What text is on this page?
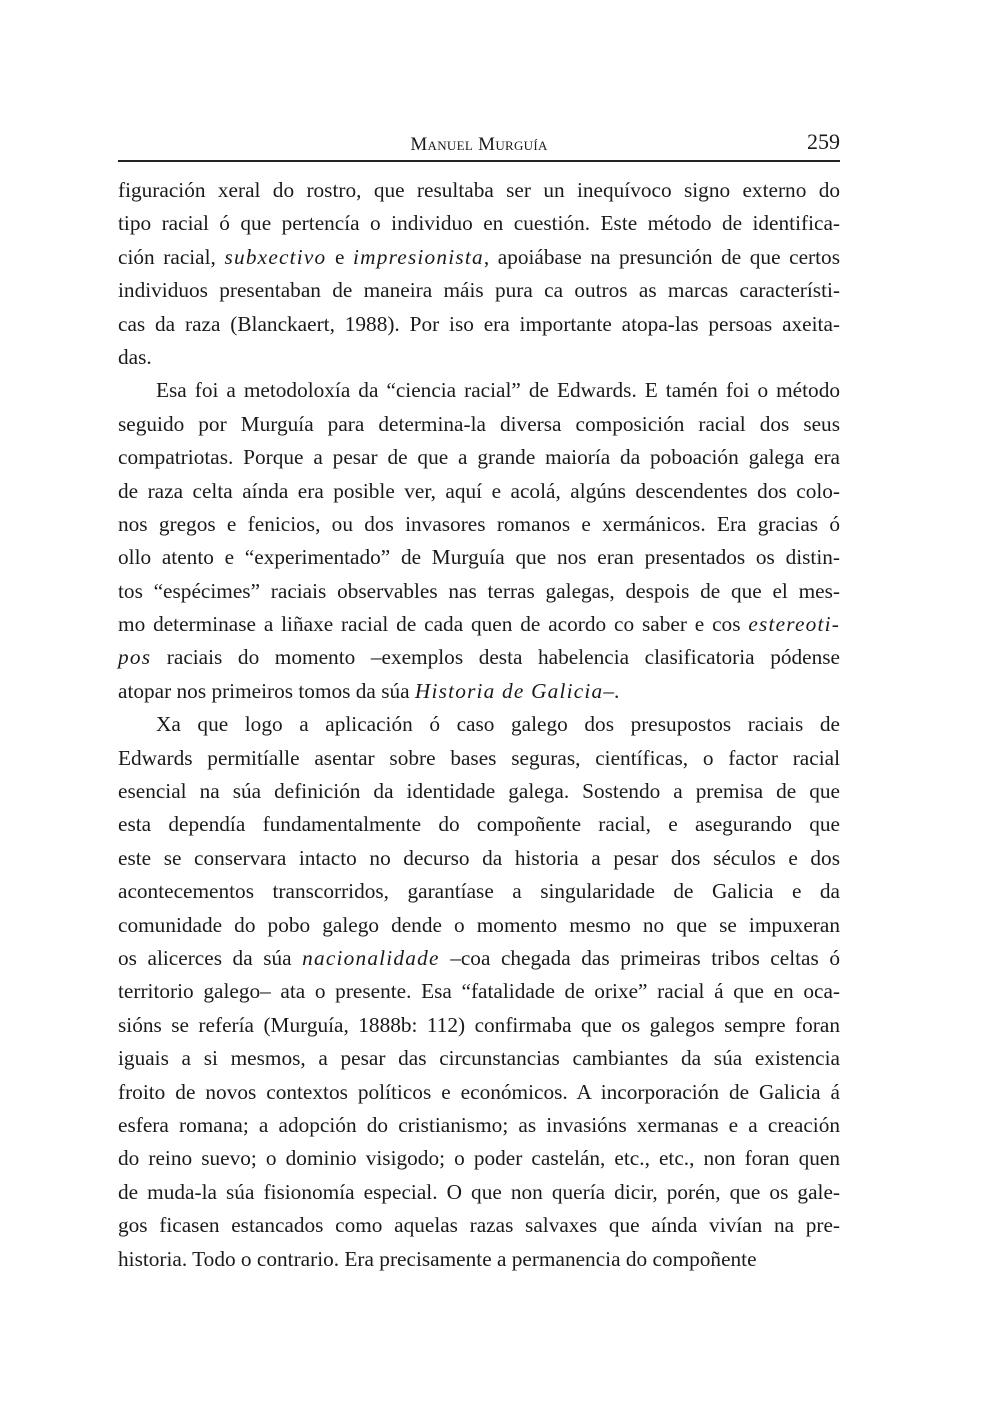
Manuel Murguía	259

figuración xeral do rostro, que resultaba ser un inequívoco signo externo do
tipo racial ó que pertencía o individuo en cuestión. Este método de identifica-
ción racial, subxectivo e impresionista, apoiábase na presunción de que certos
individuos presentaban de maneira máis pura ca outros as marcas característi-
cas da raza (Blanckaert, 1988). Por iso era importante atopa-las persoas axeita-
das.

Esa foi a metodoloxía da “ciencia racial” de Edwards. E tamén foi o método
seguido por Murguía para determina-la diversa composición racial dos seus
compatriotas. Porque a pesar de que a grande maioría da poboación galega era
de raza celta aínda era posible ver, aquí e acolá, algúns descendentes dos colo-
nos gregos e fenicios, ou dos invasores romanos e xermánicos. Era gracias ó
ollo atento e “experimentado” de Murguía que nos eran presentados os distin-
tos “espécimes” raciais observables nas terras galegas, despois de que el mes-
mo determinase a liñaxe racial de cada quen de acordo co saber e cos estereoti-
pos raciais do momento –exemplos desta habelencia clasificatoria pódense
atopar nos primeiros tomos da súa Historia de Galicia–.

Xa que logo a aplicación ó caso galego dos presupostos raciais de
Edwards permitíalle asentar sobre bases seguras, científicas, o factor racial
esencial na súa definición da identidade galega. Sostendo a premisa de que
esta dependía fundamentalmente do compoñente racial, e asegurando que
este se conservara intacto no decurso da historia a pesar dos séculos e dos
acontecementos transcorridos, garantíase a singularidade de Galicia e da
comunidade do pobo galego dende o momento mesmo no que se impuxeran
os alicerces da súa nacionalidade –coa chegada das primeiras tribos celtas ó
territorio galego– ata o presente. Esa “fatalidade de orixe” racial á que en oca-
sións se refería (Murguía, 1888b: 112) confirmaba que os galegos sempre foran
iguais a si mesmos, a pesar das circunstancias cambiantes da súa existencia
froito de novos contextos políticos e económicos. A incorporación de Galicia á
esfera romana; a adopción do cristianismo; as invasións xermanas e a creación
do reino suevo; o dominio visigodo; o poder castelán, etc., etc., non foran quen
de muda-la súa fisionomía especial. O que non quería dicir, porén, que os gale-
gos ficasen estancados como aquelas razas salvaxes que aínda vivían na pre-
historia. Todo o contrario. Era precisamente a permanencia do compoñente
